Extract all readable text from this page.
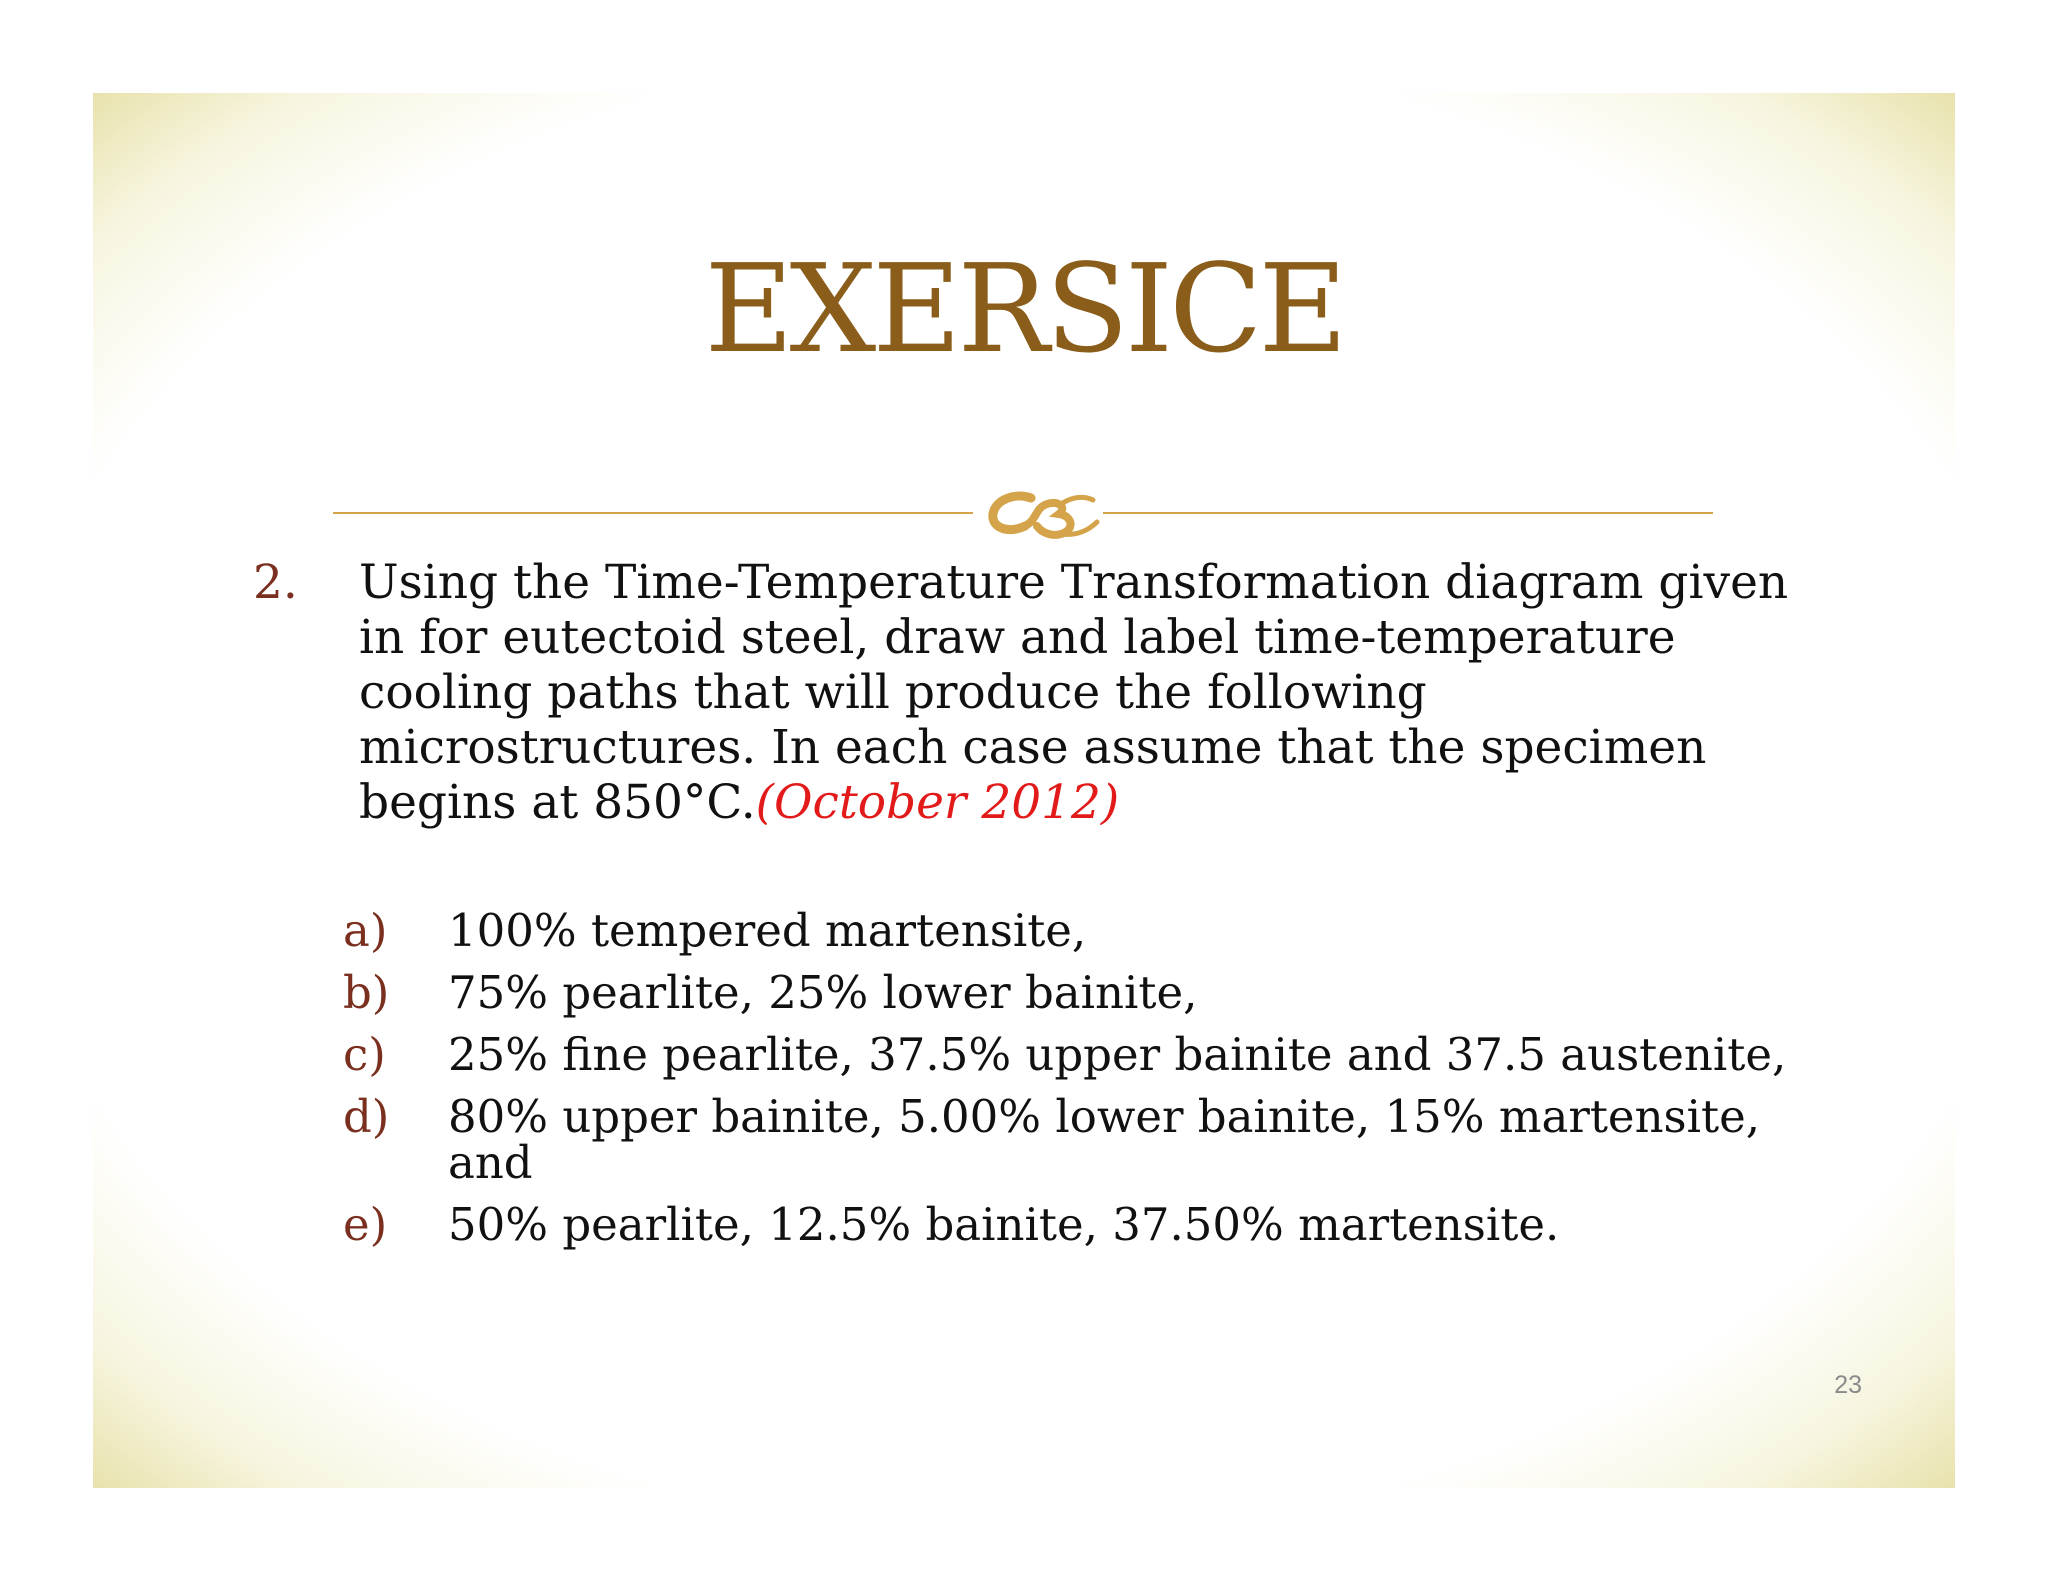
EXERSICE
2. Using the Time-Temperature Transformation diagram given in for eutectoid steel, draw and label time-temperature cooling paths that will produce the following microstructures. In each case assume that the specimen begins at 850°C.(October 2012)
a) 100% tempered martensite,
b) 75% pearlite, 25% lower bainite,
c) 25% fine pearlite, 37.5% upper bainite and 37.5 austenite,
d) 80% upper bainite, 5.00% lower bainite, 15% martensite, and
e) 50% pearlite, 12.5% bainite, 37.50% martensite.
23
